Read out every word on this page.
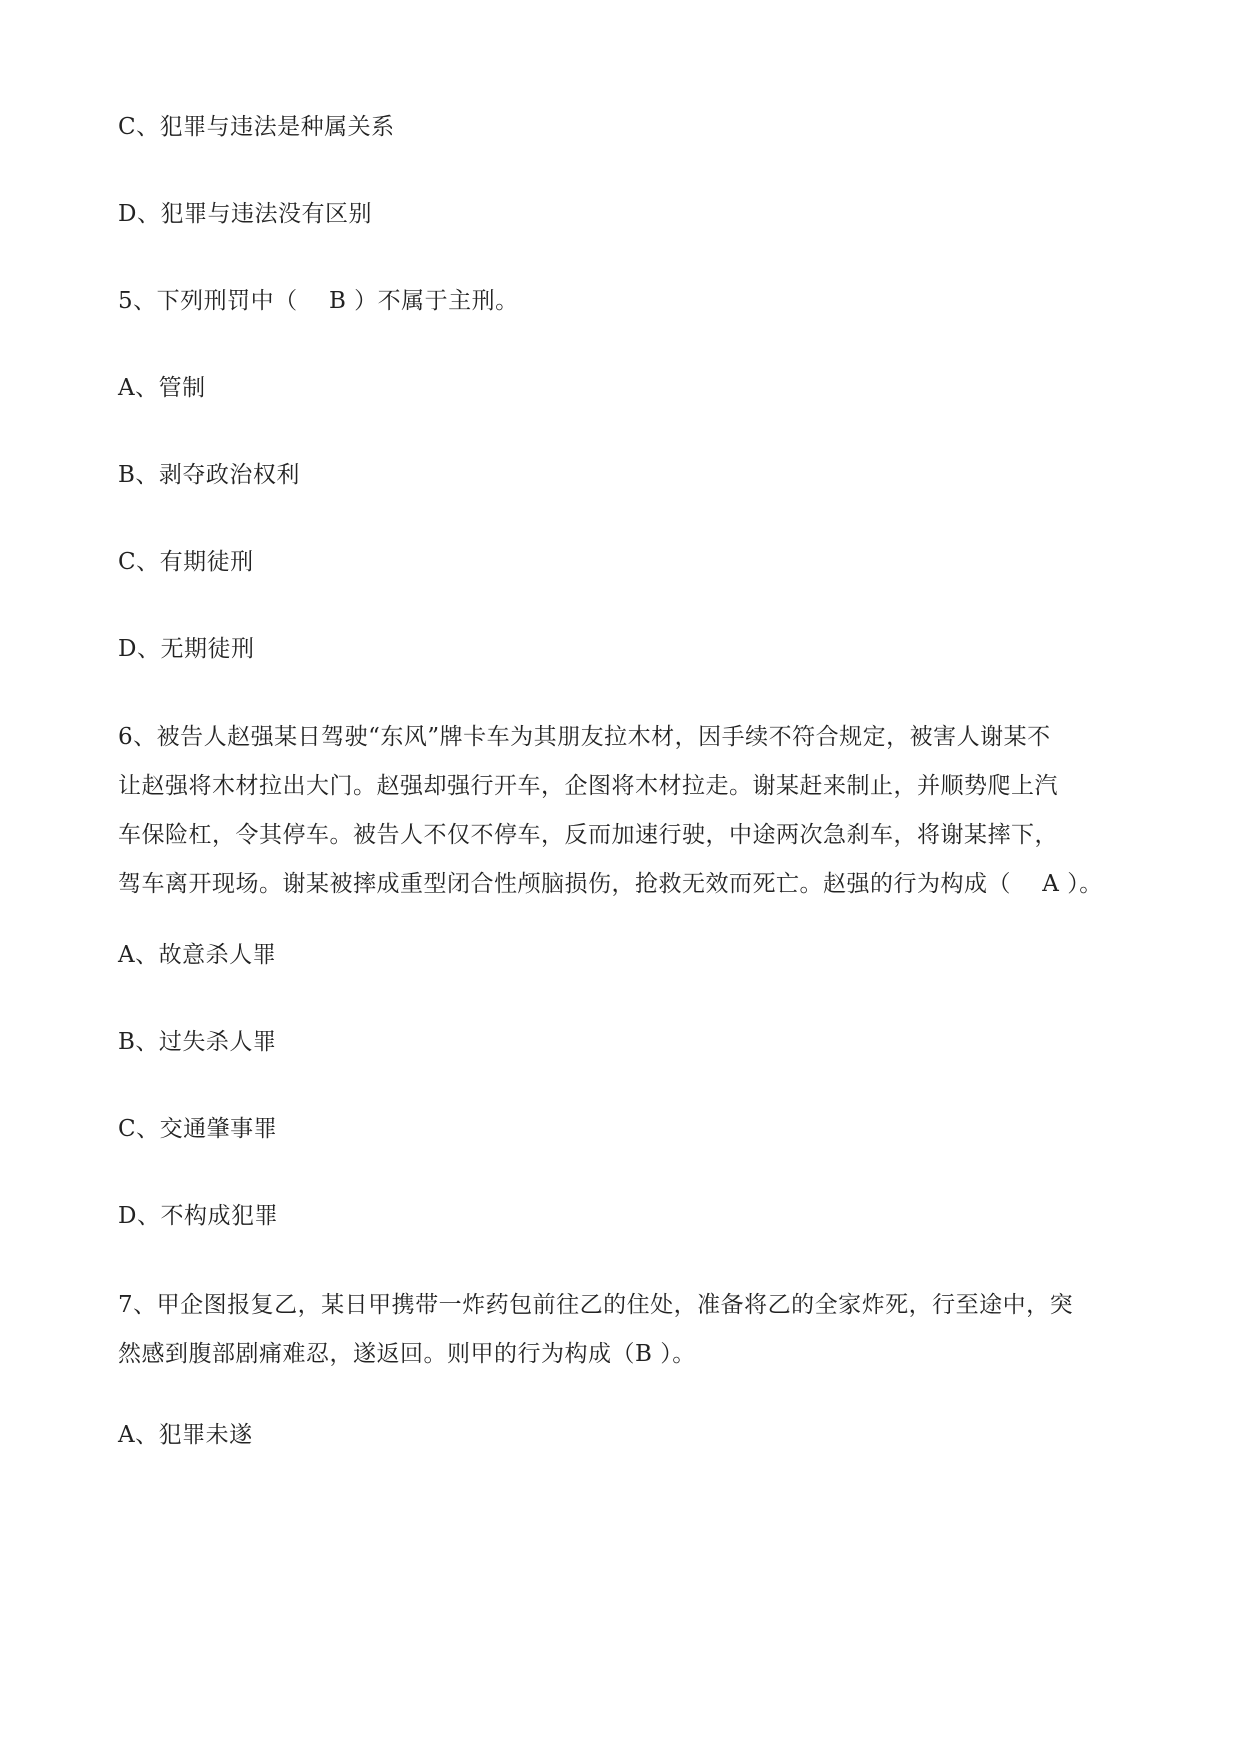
C、犯罪与违法是种属关系
D、犯罪与违法没有区别
5、下列刑罚中（　 B ）不属于主刑。
A、管制
B、剥夺政治权利
C、有期徒刑
D、无期徒刑
6、被告人赵强某日驾驶“东风”牌卡车为其朋友拉木材，因手续不符合规定，被害人谢某不
让赵强将木材拉出大门。赵强却强行开车，企图将木材拉走。谢某赶来制止，并顺势爬上汽
车保险杠，令其停车。被告人不仅不停车，反而加速行驶，中途两次急刹车，将谢某摔下，
驾车离开现场。谢某被摔成重型闭合性颅脑损伤，抢救无效而死亡。赵强的行为构成（　 A ）。
A、故意杀人罪
B、过失杀人罪
C、交通肇事罪
D、不构成犯罪
7、甲企图报复乙，某日甲携带一炸药包前往乙的住处，准备将乙的全家炸死，行至途中，突
然感到腹部剧痛难忍，遂返回。则甲的行为构成（B ）。
A、犯罪未遂
